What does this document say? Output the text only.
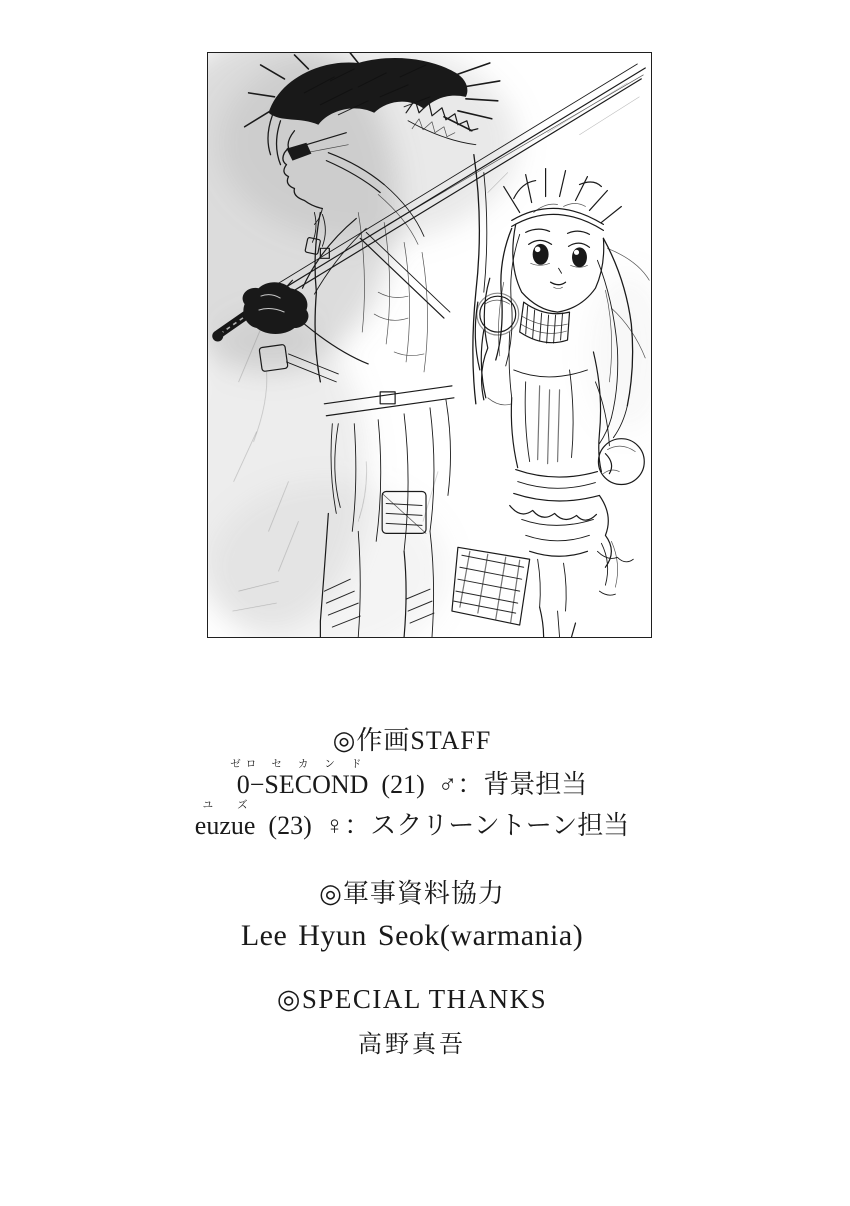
◎作画STAFF
ゼロ
0−
セカンド
SECOND (21) ♂：背景担当
ユズ
euzue (23) ♀：スクリーントーン担当
◎軍事資料協力
Lee Hyun Seok(warmania)
◎SPECIAL THANKS
高野真吾
